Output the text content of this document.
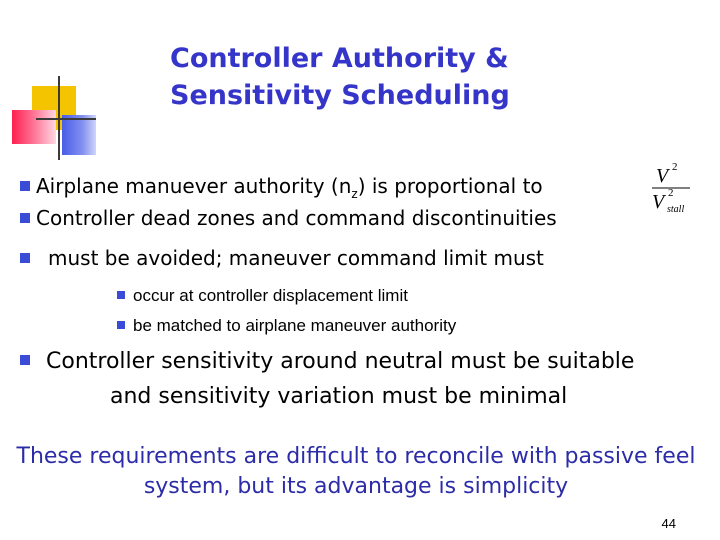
Controller Authority &
Sensitivity Scheduling
Airplane manuever authority $(n_z)$ is proportional to
Controller dead zones and command discontinuities
must be avoided; maneuver command limit must
occur at controller displacement limit
be matched to airplane maneuver authority
Controller sensitivity around neutral must be suitable
and sensitivity variation must be minimal
These requirements are difficult to reconcile with passive feel
system, but its advantage is simplicity
V 2
V 2
stall
44
